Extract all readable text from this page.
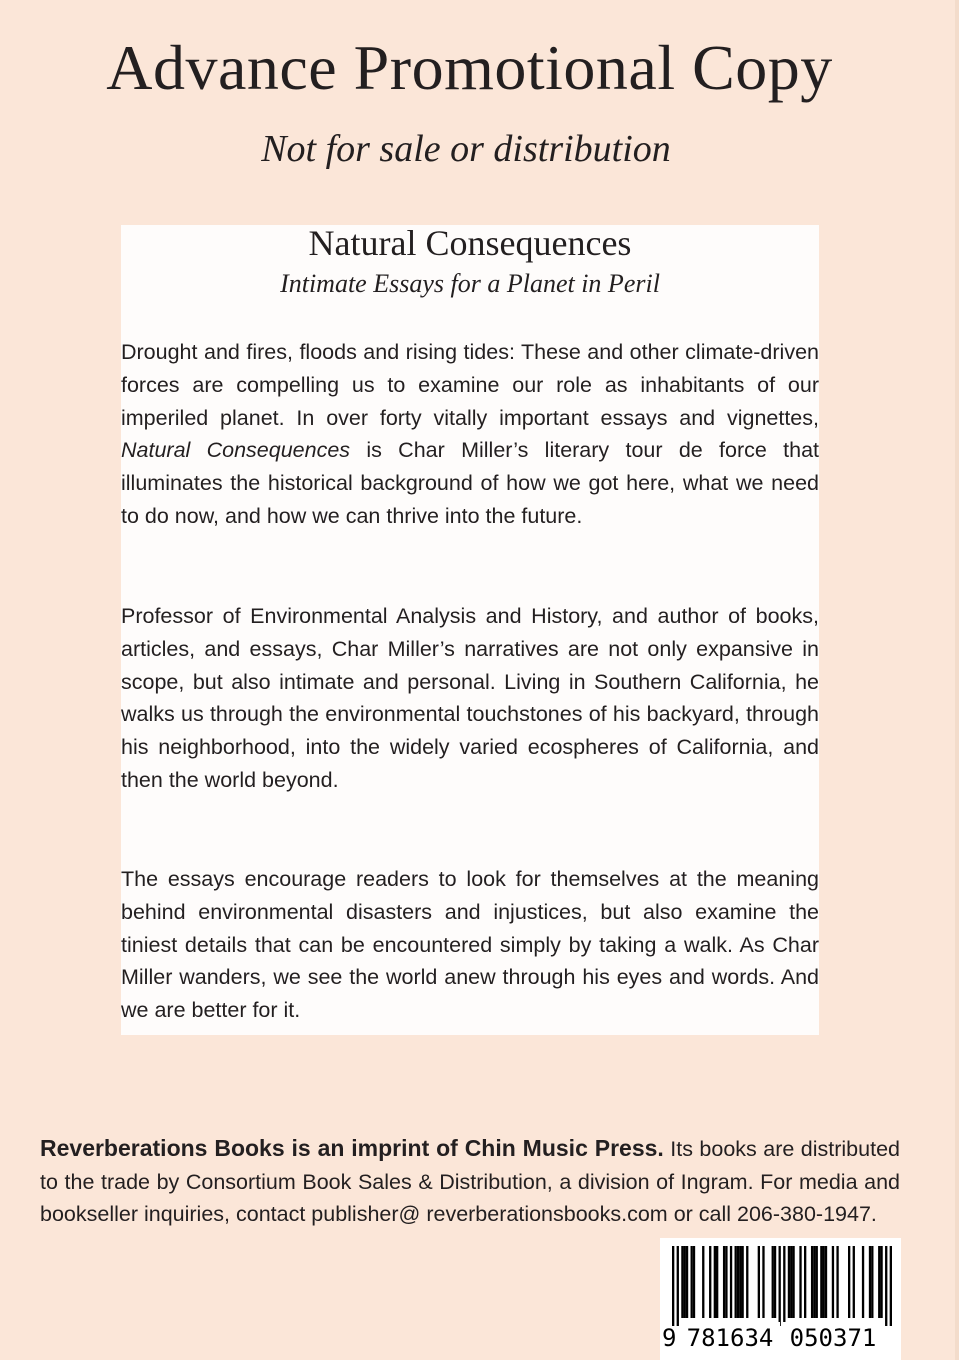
Advance Promotional Copy
Not for sale or distribution
Natural Consequences
Intimate Essays for a Planet in Peril

Drought and fires, floods and rising tides: These and other climate-driven forces are compelling us to examine our role as inhabitants of our imperiled planet. In over forty vitally important essays and vignettes, Natural Consequences is Char Miller’s literary tour de force that illuminates the historical background of how we got here, what we need to do now, and how we can thrive into the future.

Professor of Environmental Analysis and History, and author of books, articles, and essays, Char Miller’s narratives are not only expansive in scope, but also intimate and personal. Living in Southern California, he walks us through the environmental touchstones of his backyard, through his neighborhood, into the widely varied ecospheres of California, and then the world beyond.

The essays encourage readers to look for themselves at the meaning behind environmental disasters and injustices, but also examine the tiniest details that can be encountered simply by taking a walk. As Char Miller wanders, we see the world anew through his eyes and words. And we are better for it.

Reverberations Books is an imprint of Chin Music Press. Its books are distributed to the trade by Consortium Book Sales & Distribution, a division of Ingram. For media and bookseller inquiries, contact publisher@ reverberationsbooks.com or call 206-380-1947.

9 781634 050371
